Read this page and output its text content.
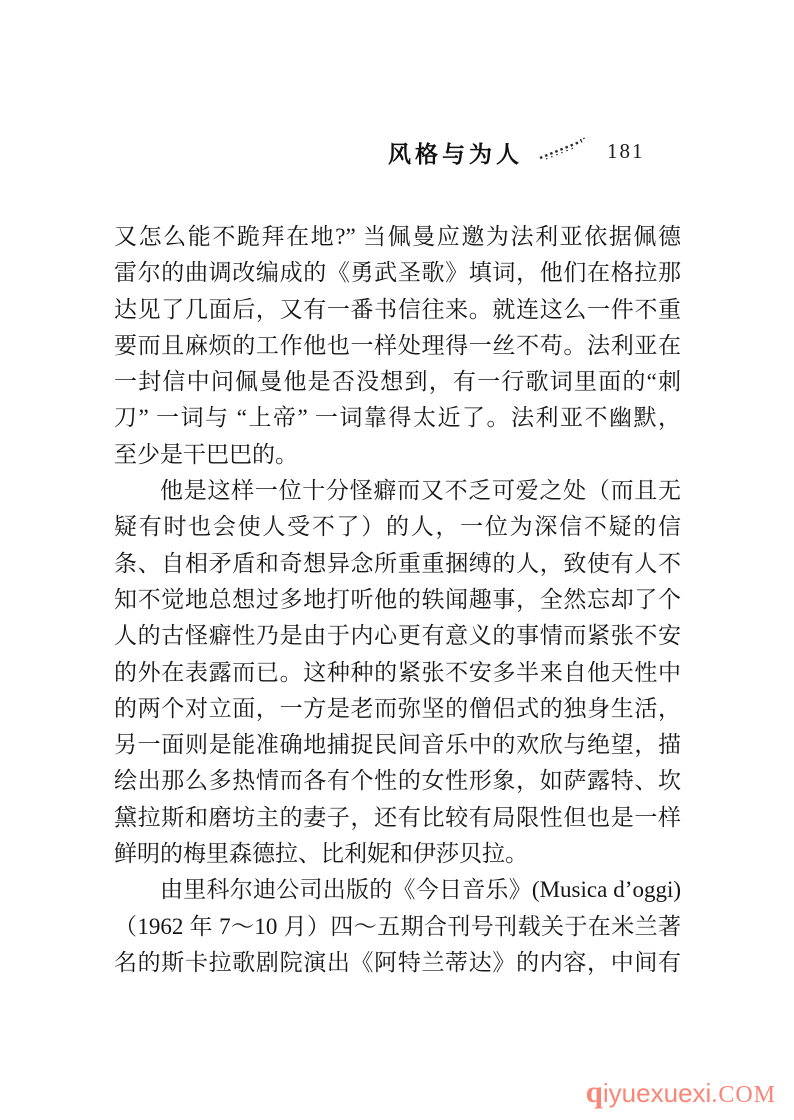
风格与为人	181
又怎么能不跪拜在地?” 当佩曼应邀为法利亚依据佩德
雷尔的曲调改编成的《勇武圣歌》填词，他们在格拉那
达见了几面后，又有一番书信往来。就连这么一件不重
要而且麻烦的工作他也一样处理得一丝不苟。法利亚在
一封信中问佩曼他是否没想到，有一行歌词里面的“刺
刀” 一词与 “上帝” 一词靠得太近了。法利亚不幽默，
至少是干巴巴的。
他是这样一位十分怪癖而又不乏可爱之处（而且无
疑有时也会使人受不了）的人，一位为深信不疑的信
条、自相矛盾和奇想异念所重重捆缚的人，致使有人不
知不觉地总想过多地打听他的轶闻趣事，全然忘却了个
人的古怪癖性乃是由于内心更有意义的事情而紧张不安
的外在表露而已。这种种的紧张不安多半来自他天性中
的两个对立面，一方是老而弥坚的僧侣式的独身生活，
另一面则是能准确地捕捉民间音乐中的欢欣与绝望，描
绘出那么多热情而各有个性的女性形象，如萨露特、坎
黛拉斯和磨坊主的妻子，还有比较有局限性但也是一样
鲜明的梅里森德拉、比利妮和伊莎贝拉。
由里科尔迪公司出版的《今日音乐》(Musica d’oggi)
（1962 年 7～10 月）四～五期合刊号刊载关于在米兰著
名的斯卡拉歌剧院演出《阿特兰蒂达》的内容，中间有
qiyuexuexi.COM
